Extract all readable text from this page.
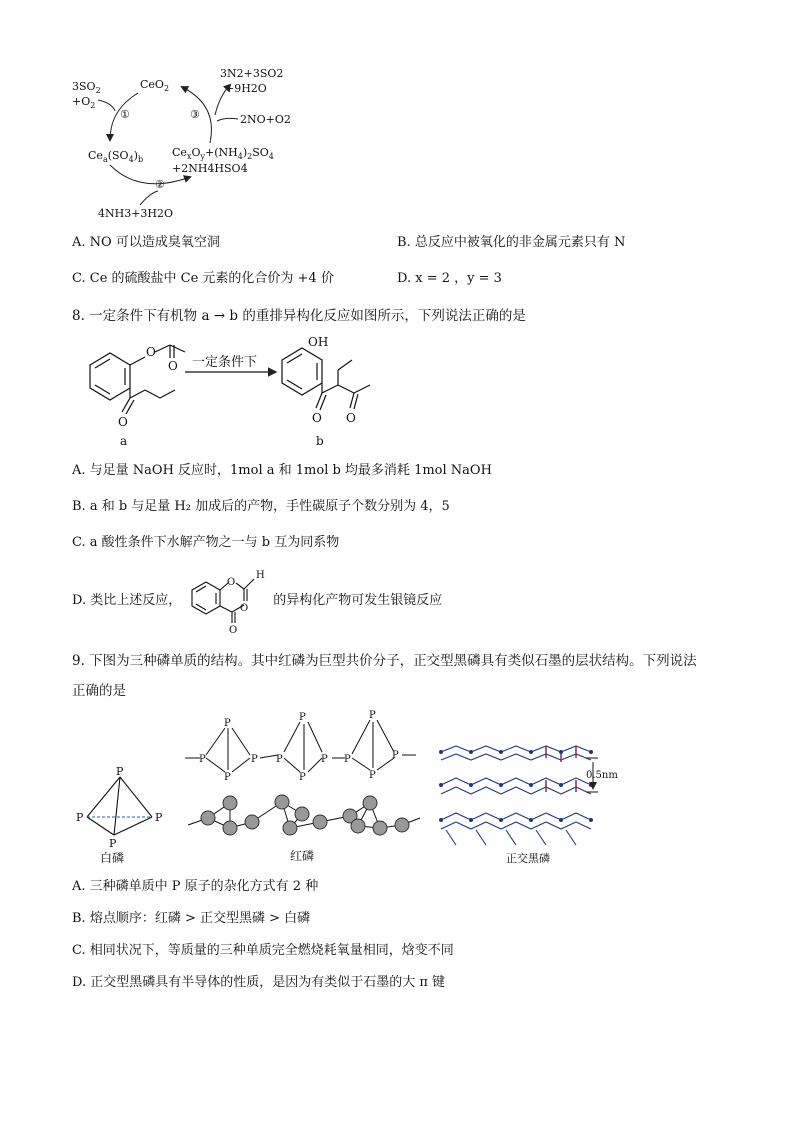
$3SO_2$
$+O_2$
CeO$_2$
$Ce_a(SO_4)_b$
4NH3+3H2O
$Ce_xO_y+(NH_4)_2SO_4$
+2NH4HSO4
3N2+3SO2
+9H2O
2NO+O2
①
②
③
A. NO 可以造成臭氧空洞	B. 总反应中被氧化的非金属元素只有 N
C. Ce 的硫酸盐中 Ce 元素的化合价为 +4 价	D. x = 2 ，y = 3
8. 一定条件下有机物 a → b 的重排异构化反应如图所示，下列说法正确的是
O
O
O
a
一定条件下
OH
O O
b
A. 与足量 NaOH 反应时，1mol a 和 1mol b 均最多消耗 1mol NaOH
B. a 和 b 与足量 H₂ 加成后的产物，手性碳原子个数分别为 4，5
C. a 酸性条件下水解产物之一与 b 互为同系物
D. 类比上述反应，	的异构化产物可发生银镜反应
O
H
O
O
9. 下图为三种磷单质的结构。其中红磷为巨型共价分子，正交型黑磷具有类似石墨的层状结构。下列说法
正确的是
P
P	P
P
白磷
P
P
P
P P
P
P
P P
P
P
P
红磷
0.5nm
正交黑磷
A. 三种磷单质中 P 原子的杂化方式有 2 种
B. 熔点顺序：红磷 > 正交型黑磷 > 白磷
C. 相同状况下，等质量的三种单质完全燃烧耗氧量相同，焓变不同
D. 正交型黑磷具有半导体的性质，是因为有类似于石墨的大 π 键
